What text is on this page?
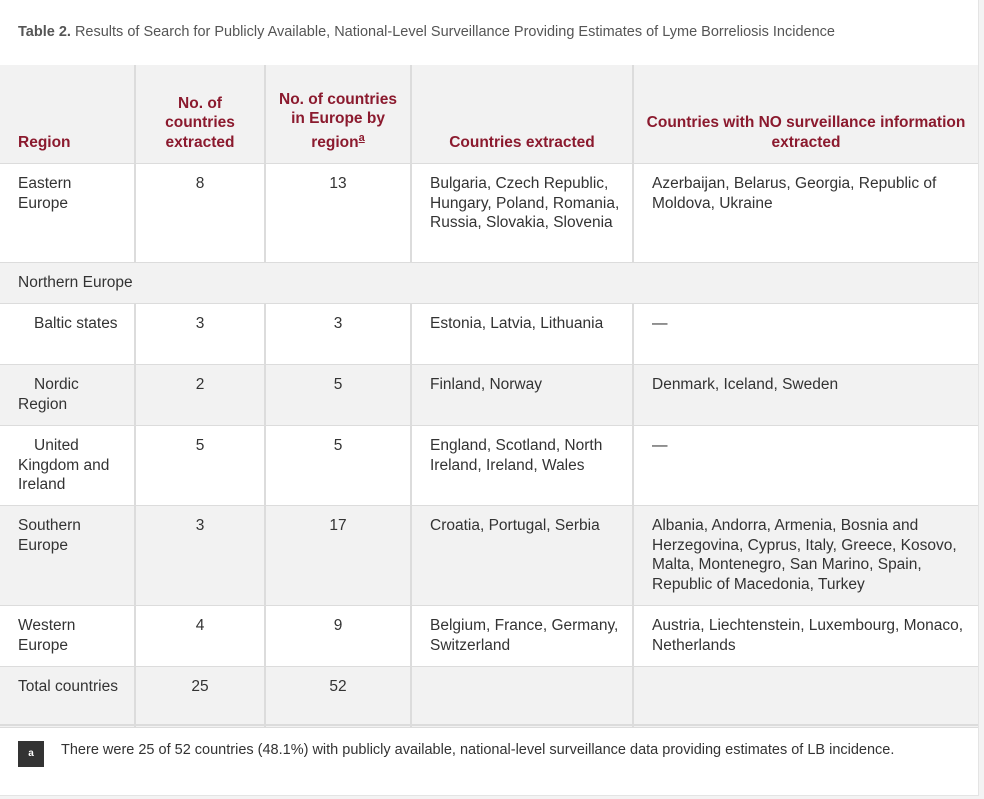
Table 2. Results of Search for Publicly Available, National-Level Surveillance Providing Estimates of Lyme Borreliosis Incidence
Region	No. of countries extracted	No. of countries in Europe by region$^a$	Countries extracted	Countries with NO surveillance information extracted
Eastern Europe	8	13	Bulgaria, Czech Republic, Hungary, Poland, Romania, Russia, Slovakia, Slovenia	Azerbaijan, Belarus, Georgia, Republic of Moldova, Ukraine
Northern Europe				
Baltic states	3	3	Estonia, Latvia, Lithuania	—
Nordic Region	2	5	Finland, Norway	Denmark, Iceland, Sweden
United Kingdom and Ireland	5	5	England, Scotland, North Ireland, Ireland, Wales	—
Southern Europe	3	17	Croatia, Portugal, Serbia	Albania, Andorra, Armenia, Bosnia and Herzegovina, Cyprus, Italy, Greece, Kosovo, Malta, Montenegro, San Marino, Spain, Republic of Macedonia, Turkey
Western Europe	4	9	Belgium, France, Germany, Switzerland	Austria, Liechtenstein, Luxembourg, Monaco, Netherlands
Total countries	25	52		
a	There were 25 of 52 countries (48.1%) with publicly available, national-level surveillance data providing estimates of LB incidence.
